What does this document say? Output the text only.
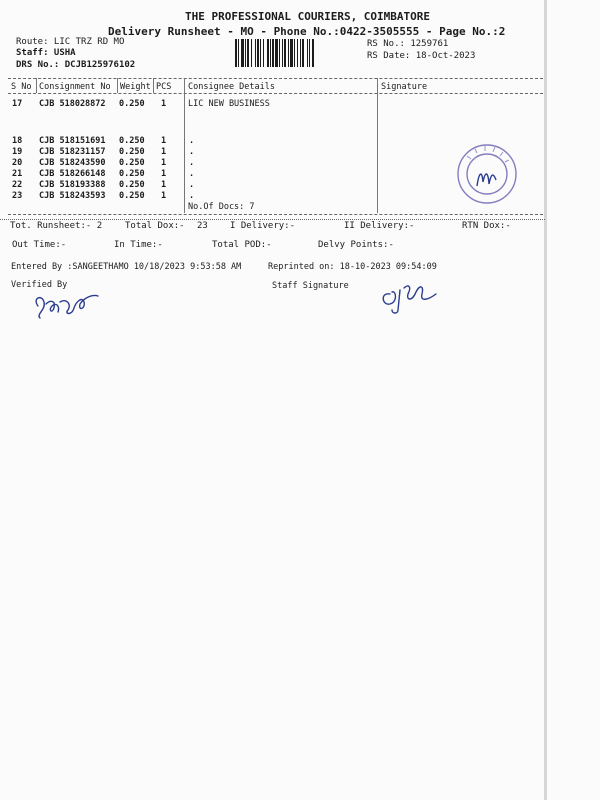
THE PROFESSIONAL COURIERS, COIMBATORE
Delivery Runsheet - MO - Phone No.:0422-3505555 - Page No.:2
Route: LIC TRZ RD MO
Staff: USHA
DRS No.: DCJB125976102
RS No.: 1259761
RS Date: 18-Oct-2023
S No Consignment No Weight PCS Consignee Details	Signature
17 CJB 518028872 0.250 1	LIC NEW BUSINESS
18 CJB 518151691 0.250 1	.
19 CJB 518231157 0.250 1	.
20 CJB 518243590 0.250 1	.
21 CJB 518266148 0.250 1	.
22 CJB 518193388 0.250 1	.
23 CJB 518243593 0.250 1	.
No.Of Docs: 7
Tot. Runsheet:- 2	Total Dox:- 23 I Delivery:-	II Delivery:-	RTN Dox:-
Out Time:-	In Time:-	Total POD:-	Delvy Points:-
Entered By :SANGEETHAMO 10/18/2023 9:53:58 AM	Reprinted on: 18-10-2023 09:54:09
Verified By	Staff Signature
